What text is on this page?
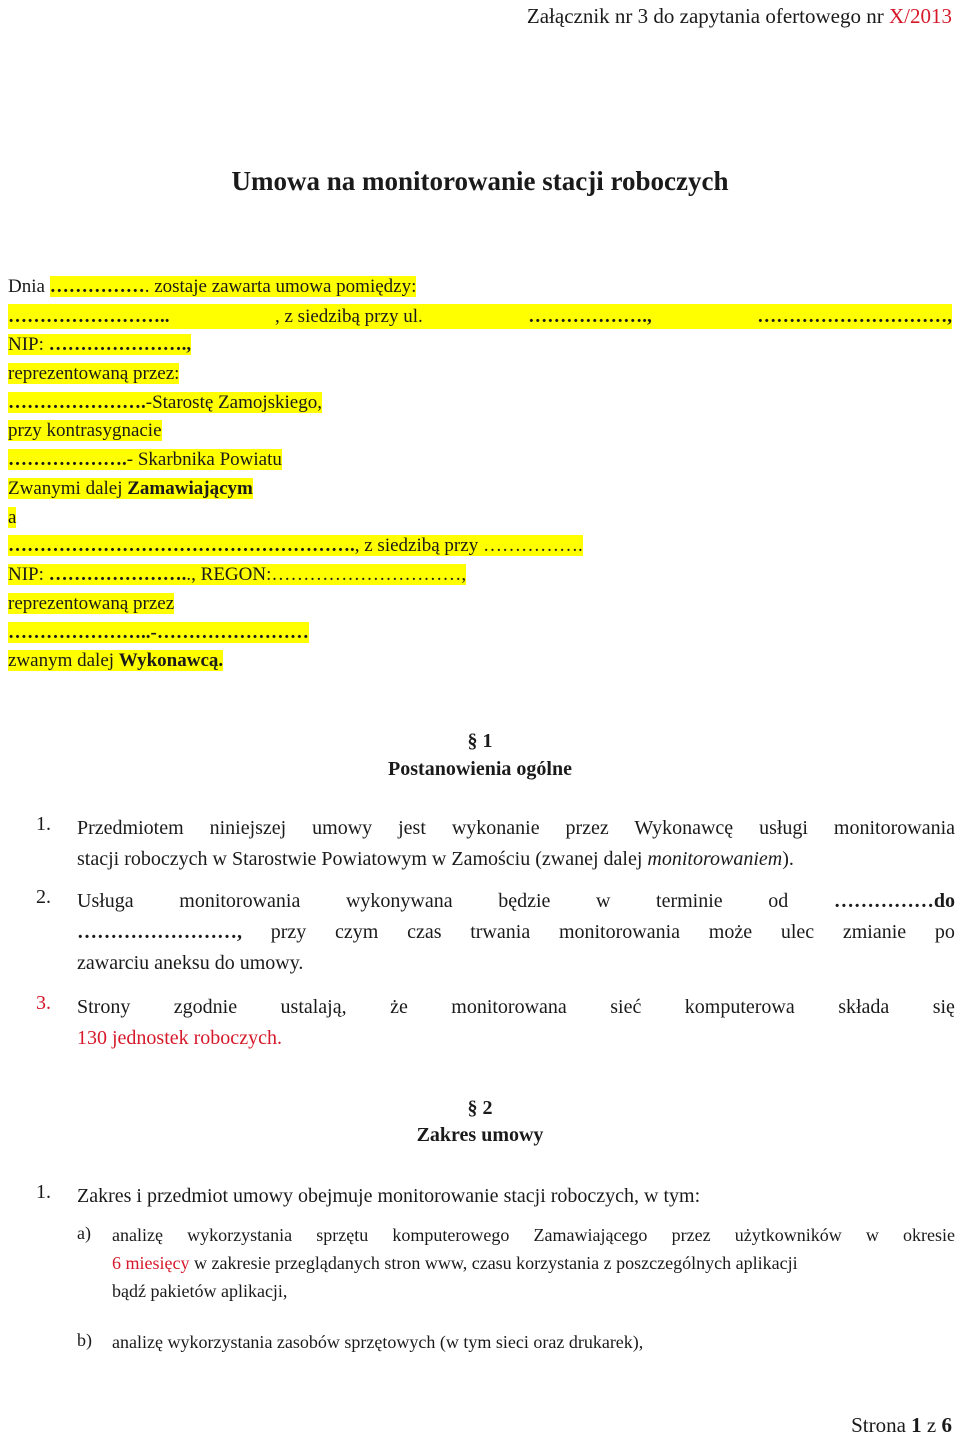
Załącznik nr 3 do zapytania ofertowego nr X/2013
Umowa na monitorowanie stacji roboczych
Dnia ……………. zostaje zawarta umowa pomiędzy:
……………………..	, z siedzibą przy ul.	……………….,	…………………………,
NIP: ………………….,
reprezentowaną przez:
………………….-Starostę Zamojskiego,
przy kontrasygnacie
……………….- Skarbnika Powiatu
Zwanymi dalej Zamawiającym
a
………………………………………………., z siedzibą przy …………….
NIP: ………………….., REGON:…………………………,
reprezentowaną przez
…………………..-……………………
zwanym dalej Wykonawcą.
§ 1
Postanowienia ogólne
1. Przedmiotem niniejszej umowy jest wykonanie przez Wykonawcę usługi monitorowania
stacji roboczych w Starostwie Powiatowym w Zamościu (zwanej dalej monitorowaniem).
2. Usługa monitorowania wykonywana będzie w terminie od ……………do
……………………, przy czym czas trwania monitorowania może ulec zmianie po
zawarciu aneksu do umowy.
3. Strony zgodnie ustalają, że monitorowana sieć komputerowa składa się
130 jednostek roboczych.
§ 2
Zakres umowy
1. Zakres i przedmiot umowy obejmuje monitorowanie stacji roboczych, w tym:
a) analizę wykorzystania sprzętu komputerowego Zamawiającego przez użytkowników w okresie
6 miesięcy w zakresie przeglądanych stron www, czasu korzystania z poszczególnych aplikacji
bądź pakietów aplikacji,
b) analizę wykorzystania zasobów sprzętowych (w tym sieci oraz drukarek),
Strona 1 z 6
